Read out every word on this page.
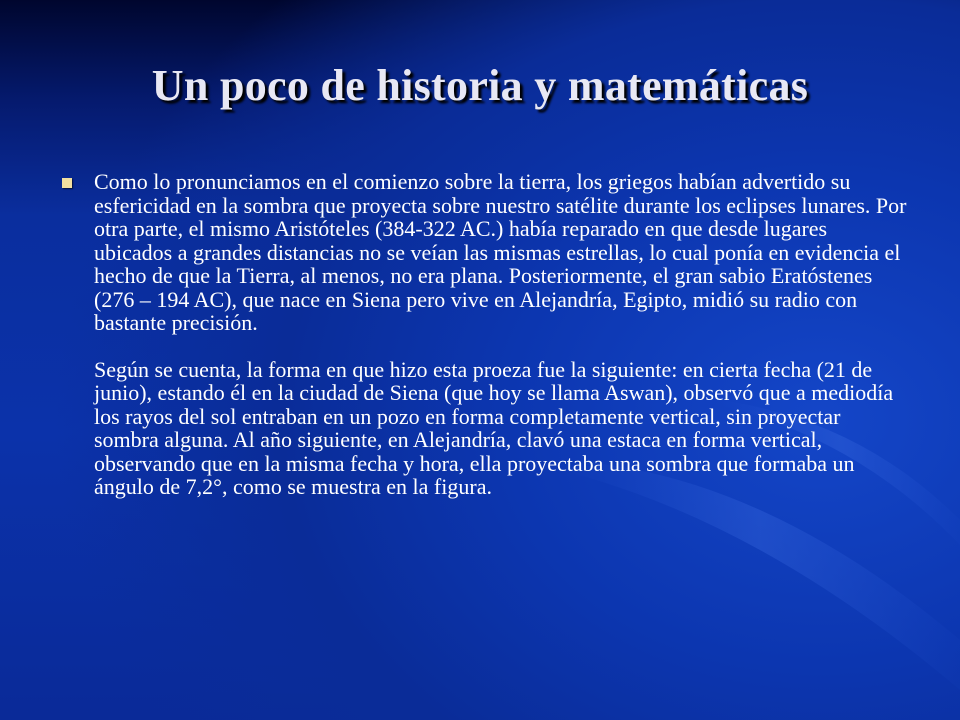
Un poco de historia y matemáticas
Como lo pronunciamos en el comienzo sobre la tierra, los griegos habían advertido su esfericidad en la sombra que proyecta sobre nuestro satélite durante los eclipses lunares. Por otra parte, el mismo Aristóteles (384-322 AC.) había reparado en que desde lugares ubicados a grandes distancias no se veían las mismas estrellas, lo cual ponía en evidencia el hecho de que la Tierra, al menos, no era plana. Posteriormente, el gran sabio Eratóstenes (276 – 194 AC), que nace en Siena pero vive en Alejandría, Egipto, midió su radio con bastante precisión.
Según se cuenta, la forma en que hizo esta proeza fue la siguiente: en cierta fecha (21 de junio), estando él en la ciudad de Siena (que hoy se llama Aswan), observó que a mediodía los rayos del sol entraban en un pozo en forma completamente vertical, sin proyectar sombra alguna. Al año siguiente, en Alejandría, clavó una estaca en forma vertical, observando que en la misma fecha y hora, ella proyectaba una sombra que formaba un ángulo de 7,2°, como se muestra en la figura.
